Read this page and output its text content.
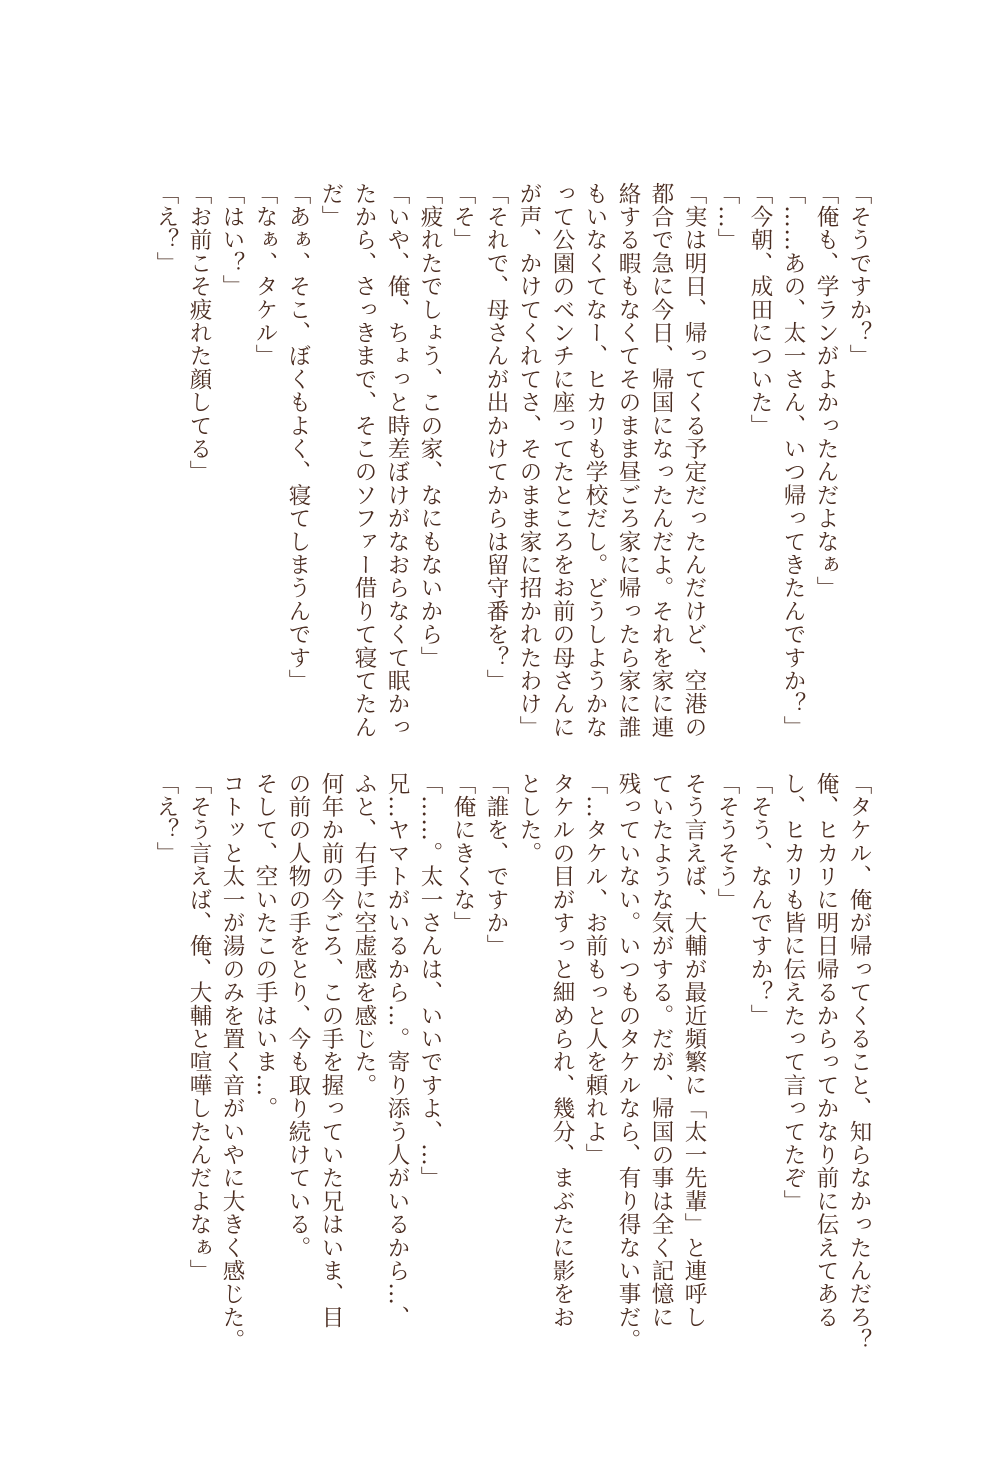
「そうですか？」
「俺も、学ランがよかったんだよなぁ」
「……あの、太一さん、いつ帰ってきたんですか？」
「今朝、成田についた」
「…」
「実は明日、帰ってくる予定だったんだけど、空港の
都合で急に今日、帰国になったんだよ。それを家に連
絡する暇もなくてそのまま昼ごろ家に帰ったら家に誰
もいなくてなー、ヒカリも学校だし。どうしようかな
って公園のベンチに座ってたところをお前の母さんに
が声、かけてくれてさ、そのまま家に招かれたわけ」
「それで、母さんが出かけてからは留守番を？」
「そ」
「疲れたでしょう、この家、なにもないから」
「いや、俺、ちょっと時差ぼけがなおらなくて眠かっ
たから、さっきまで、そこのソファー借りて寝てたん
だ」
「あぁ、そこ、ぼくもよく、寝てしまうんです」
「なぁ、タケル」
「はい？」
「お前こそ疲れた顔してる」
「え？」
「タケル、俺が帰ってくること、知らなかったんだろ？
俺、ヒカリに明日帰るからってかなり前に伝えてある
し、ヒカリも皆に伝えたって言ってたぞ」
「そう、なんですか？」
「そうそう」
そう言えば、大輔が最近頻繁に「太一先輩」と連呼し
ていたような気がする。だが、帰国の事は全く記憶に
残っていない。いつものタケルなら、有り得ない事だ。
「…タケル、お前もっと人を頼れよ」
タケルの目がすっと細められ、幾分、まぶたに影をお
とした。
「誰を、ですか」
「俺にきくな」
「……。太一さんは、いいですよ、…」
兄…ヤマトがいるから…。寄り添う人がいるから…、
ふと、右手に空虚感を感じた。
何年か前の今ごろ、この手を握っていた兄はいま、目
の前の人物の手をとり、今も取り続けている。
そして、空いたこの手はいま…。
コトッと太一が湯のみを置く音がいやに大きく感じた。
「そう言えば、俺、大輔と喧嘩したんだよなぁ」
「え？」
